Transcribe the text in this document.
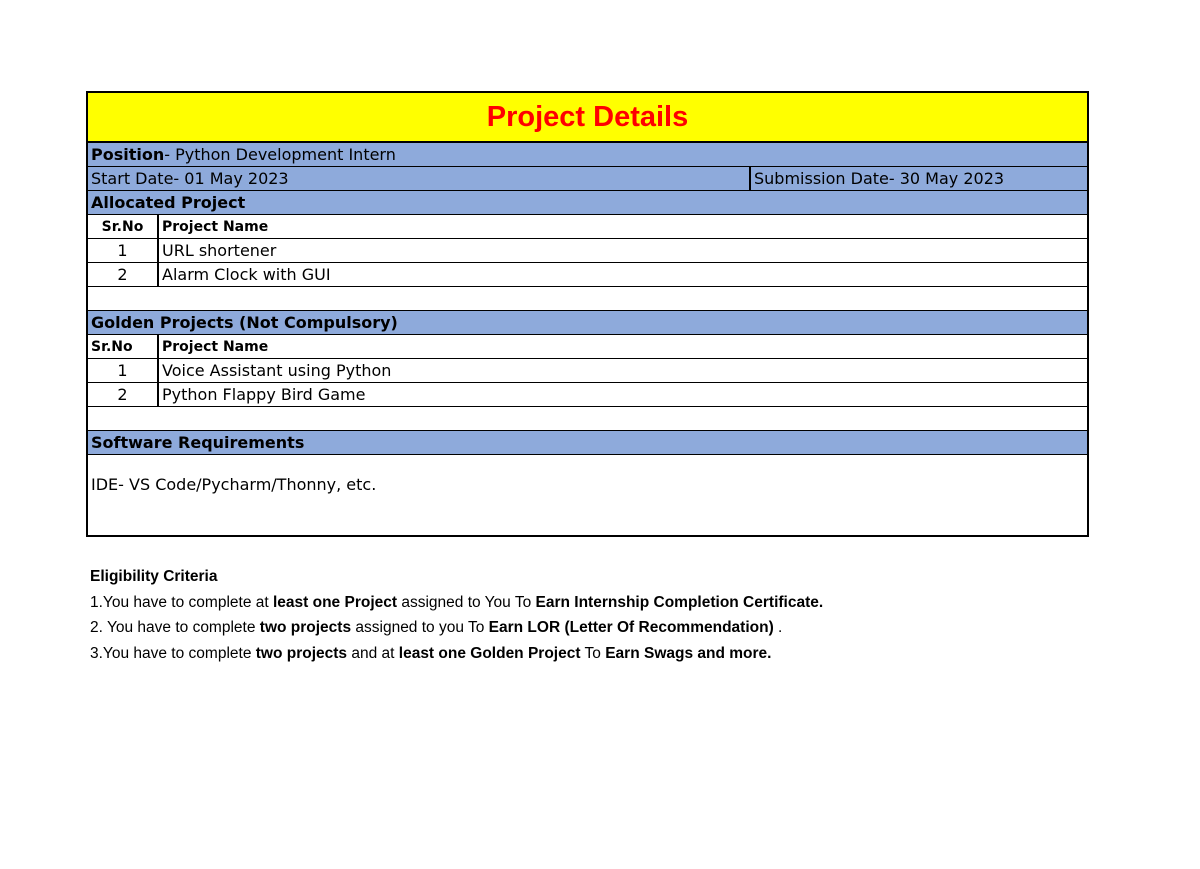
Project Details
Position - Python Development Intern
Start Date- 01 May 2023	Submission Date- 30 May 2023
Allocated Project
Sr.No	Project Name
1	URL shortener
2	Alarm Clock with GUI
Golden Projects (Not Compulsory)
Sr.No	Project Name
1	Voice Assistant using Python
2	Python Flappy Bird Game
Software Requirements
IDE- VS Code/Pycharm/Thonny, etc.
Eligibility Criteria
1.You have to complete at least one Project assigned to You To Earn Internship Completion Certificate.
2. You have to complete two projects assigned to you To Earn LOR (Letter Of Recommendation) .
3.You have to complete two projects and at least one Golden Project To Earn Swags and more.
